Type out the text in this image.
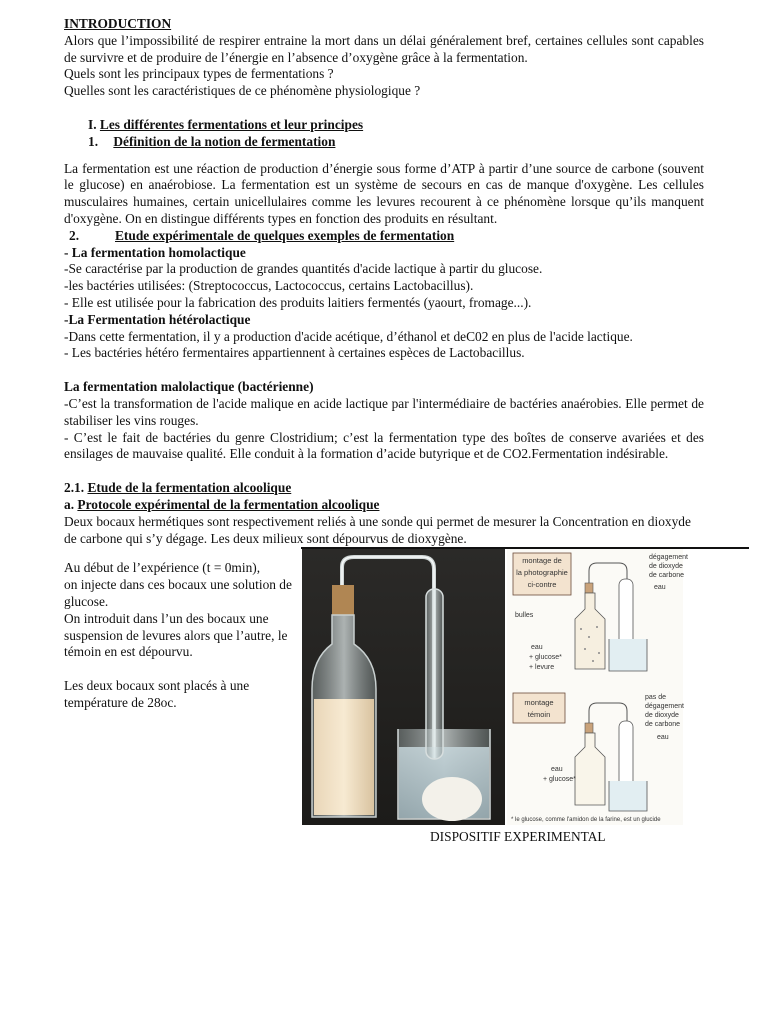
INTRODUCTION

Alors que l’impossibilité de respirer entraine la mort dans un délai généralement bref, certaines cellules sont capables de survivre et de produire de l’énergie en l’absence d’oxygène grâce à la fermentation.

Quels sont les principaux types de fermentations ?

Quelles sont les caractéristiques de ce phénomène physiologique ?

I. Les différentes fermentations et leur principes

1. Définition de la notion de fermentation

La fermentation est une réaction de production d’énergie sous forme d’ATP à partir d’une source de carbone (souvent le glucose) en anaérobiose. La fermentation est un système de secours en cas de manque d'oxygène. Les cellules musculaires humaines, certain unicellulaires comme les levures recourent à ce phénomène lorsque qu’ils manquent d'oxygène. On en distingue différents types en fonction des produits en résultant.

2.	Etude expérimentale de quelques exemples de fermentation

- La fermentation homolactique

-Se caractérise par la production de grandes quantités d'acide lactique à partir du glucose.

-les bactéries utilisées: (Streptococcus, Lactococcus, certains Lactobacillus).

- Elle est utilisée pour la fabrication des produits laitiers fermentés (yaourt, fromage...).

-La Fermentation hétérolactique

-Dans cette fermentation, il y a production d'acide acétique, d’éthanol et deC02 en plus de l'acide lactique.

- Les bactéries hétéro fermentaires appartiennent à certaines espèces de Lactobacillus.

La fermentation malolactique (bactérienne)

-C’est la transformation de l'acide malique en acide lactique par l'intermédiaire de bactéries anaérobies. Elle permet de stabiliser les vins rouges.

- C’est le fait de bactéries du genre Clostridium; c’est la fermentation type des boîtes de conserve avariées et des ensilages de mauvaise qualité. Elle conduit à la formation d’acide butyrique et de CO2.Fermentation indésirable.

2.1. Etude de la fermentation alcoolique

a. Protocole expérimental de la fermentation alcoolique

Deux bocaux hermétiques sont respectivement reliés à une sonde qui permet de mesurer la Concentration en dioxyde de carbone qui s’y dégage. Les deux milieux sont dépourvus de dioxygène.

Au début de l’expérience (t = 0min),

on injecte dans ces bocaux une solution de glucose.

On introduit dans l’un des bocaux une suspension de levures alors que l’autre, le témoin en est dépourvu.

Les deux bocaux sont placés à une température de 28oc.

montage de
la photographie
ci-contre
dégagement
de dioxyde
de carbone
eau
bulles
eau
+ glucose*
+ levure
montage
témoin
pas de
dégagement
de dioxyde
de carbone
eau
eau
+ glucose*
* le glucose, comme l'amidon de la farine, est un glucide

DISPOSITIF EXPERIMENTAL
